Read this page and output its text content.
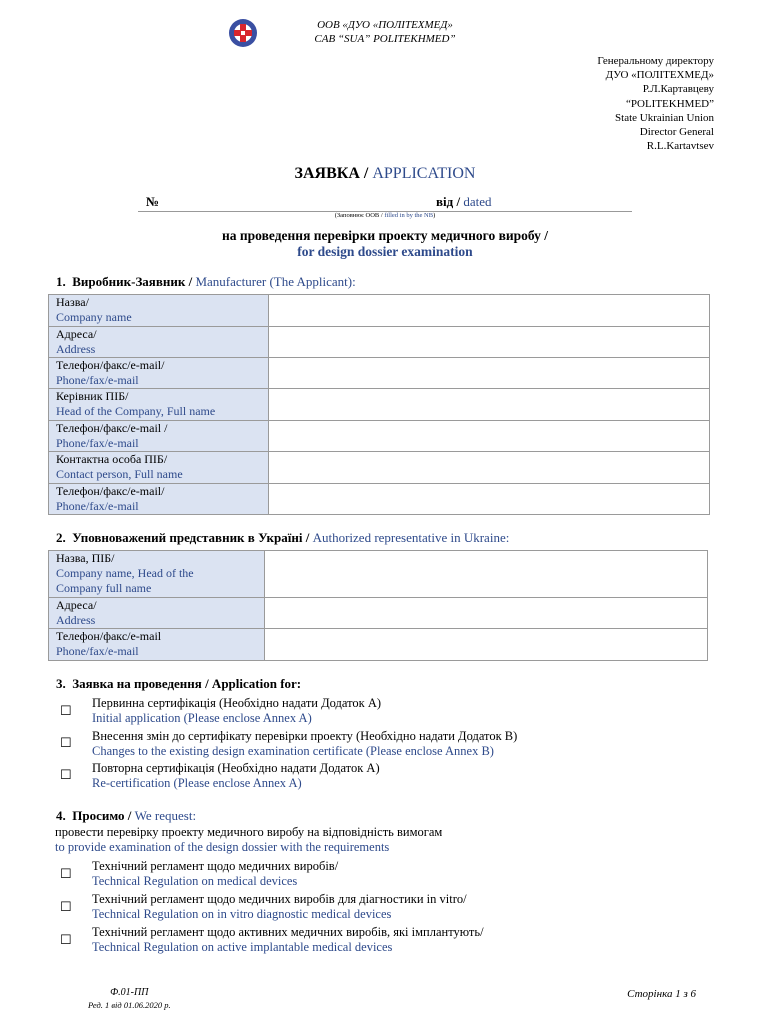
ООВ «ДУО «ПОЛІТЕХМЕД»
CAB “SUA” POLITEKHMED”
Генеральному директору
ДУО «ПОЛІТЕХМЕД»
Р.Л.Картавцеву
“POLITEKHMED”
State Ukrainian Union
Director General
R.L.Kartavtsev
ЗАЯВКА / APPLICATION
№	від / dated
(Заповнює ООВ / filled in by the NB)
на проведення перевірки проекту медичного виробу /
for design dossier examination
1. Виробник-Заявник / Manufacturer (The Applicant):
Назва/
Company name	

Адреса/
Address	

Телефон/факс/e-mail/
Phone/fax/e-mail	

Керівник ПІБ/
Head of the Company, Full name	

Телефон/факс/e-mail /
Phone/fax/e-mail	

Контактна особа ПІБ/
Contact person, Full name	

Телефон/факс/e-mail/
Phone/fax/e-mail	

2. Уповноважений представник в Україні / Authorized representative in Ukraine:
Назва, ПІБ/
Company name, Head of the
Company full name	

Адреса/
Address	

Телефон/факс/e-mail
Phone/fax/e-mail	

3. Заявка на проведення / Application for:
☐ Первинна сертифікація (Необхідно надати Додаток А)
Initial application (Please enclose Annex A)
☐ Внесення змін до сертифікату перевірки проекту (Необхідно надати Додаток B)
Changes to the existing design examination certificate (Please enclose Annex B)
☐ Повторна сертифікація (Необхідно надати Додаток А)
Re-certification (Please enclose Annex A)
4. Просимо / We request:
провести перевірку проекту медичного виробу на відповідність вимогам
to provide examination of the design dossier with the requirements
☐ Технічний регламент щодо медичних виробів/
Technical Regulation on medical devices
☐ Технічний регламент щодо медичних виробів для діагностики in vitro/
Technical Regulation on in vitro diagnostic medical devices
☐ Технічний регламент щодо активних медичних виробів, які імплантують/
Technical Regulation on active implantable medical devices
Ф.01-ПП
Ред. 1 від 01.06.2020 р.
Сторінка 1 з 6
